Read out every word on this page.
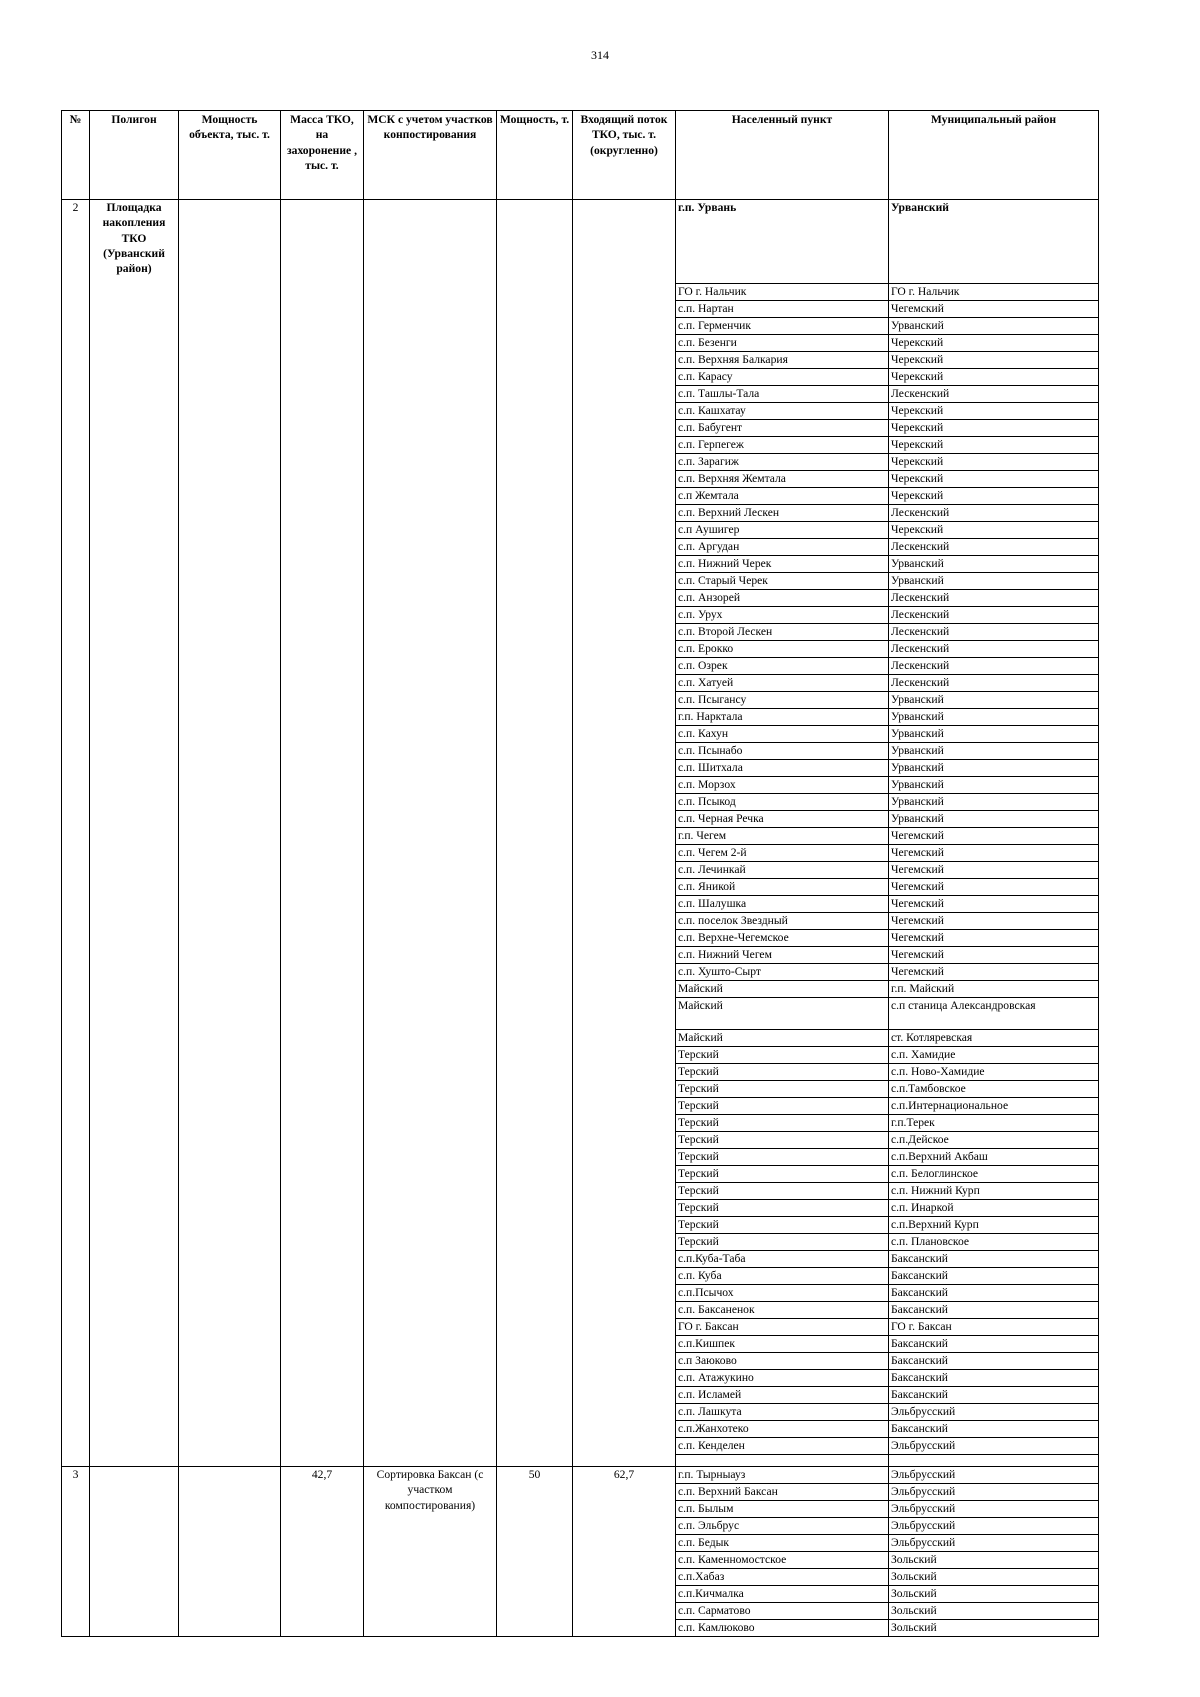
314
№	Полигон	Мощность объекта, тыс. т.	Масса ТКО, на захоронение , тыс. т.	МСК с учетом участков конпостирования	Мощность, т.	Входящий поток ТКО, тыс. т. (округленно)	Населенный пункт	Муниципальный район
2	Площадка накопления ТКО (Урванский район)						г.п. Урвань	Урванский
							ГО г. Нальчик	ГО г. Нальчик
							с.п. Нартан	Чегемский
							с.п. Герменчик	Урванский
							с.п. Безенги	Черекский
							с.п. Верхняя Балкария	Черекский
							с.п. Карасу	Черекский
							с.п. Ташлы-Тала	Лескенский
							с.п. Кашхатау	Черекский
							с.п. Бабугент	Черекский
							с.п. Герпегеж	Черекский
							с.п. Зарагиж	Черекский
							с.п. Верхняя Жемтала	Черекский
							с.п Жемтала	Черекский
							с.п. Верхний Лескен	Лескенский
							с.п Аушигер	Черекский
							с.п. Аргудан	Лескенский
							с.п. Нижний Черек	Урванский
							с.п. Старый Черек	Урванский
							с.п. Анзорей	Лескенский
							с.п. Урух	Лескенский
							с.п. Второй Лескен	Лескенский
							с.п. Ерокко	Лескенский
							с.п. Озрек	Лескенский
							с.п. Хатуей	Лескенский
							с.п. Псыгансу	Урванский
							г.п. Нарктала	Урванский
							с.п. Кахун	Урванский
							с.п. Псынабо	Урванский
							с.п. Шитхала	Урванский
							с.п. Морзох	Урванский
							с.п. Псыкод	Урванский
							с.п. Черная Речка	Урванский
							г.п. Чегем	Чегемский
							с.п. Чегем 2-й	Чегемский
							с.п. Лечинкай	Чегемский
							с.п. Яникой	Чегемский
							с.п. Шалушка	Чегемский
							с.п. поселок Звездный	Чегемский
							с.п. Верхне-Чегемское	Чегемский
							с.п. Нижний Чегем	Чегемский
							с.п. Хушто-Сырт	Чегемский
							Майский	г.п. Майский
							Майский	с.п станица Александровская
							Майский	ст. Котляревская
							Терский	с.п. Хамидие
							Терский	с.п. Ново-Хамидие
							Терский	с.п.Тамбовское
							Терский	с.п.Интернациональное
							Терский	г.п.Терек
							Терский	с.п.Дейское
							Терский	с.п.Верхний Акбаш
							Терский	с.п. Белоглинское
							Терский	с.п. Нижний Курп
							Терский	с.п. Инаркой
							Терский	с.п.Верхний Курп
							Терский	с.п. Плановское
							с.п.Куба-Таба	Баксанский
							с.п. Куба	Баксанский
							с.п.Псычох	Баксанский
							с.п. Баксаненок	Баксанский
							ГО г. Баксан	ГО г. Баксан
							с.п.Кишпек	Баксанский
							с.п Заюково	Баксанский
							с.п. Атажукино	Баксанский
							с.п. Исламей	Баксанский
							с.п. Лашкута	Эльбрусский
							с.п.Жанхотеко	Баксанский
							с.п. Кенделен	Эльбрусский

3			42,7	Сортировка Баксан (с участком компостирования)	50	62,7	г.п. Тырныауз	Эльбрусский
							с.п. Верхний Баксан	Эльбрусский
							с.п. Былым	Эльбрусский
							с.п. Эльбрус	Эльбрусский
							с.п. Бедык	Эльбрусский
							с.п. Каменномостское	Зольский
							с.п.Хабаз	Зольский
							с.п.Кичмалка	Зольский
							с.п. Сарматово	Зольский
							с.п. Камлюково	Зольский
